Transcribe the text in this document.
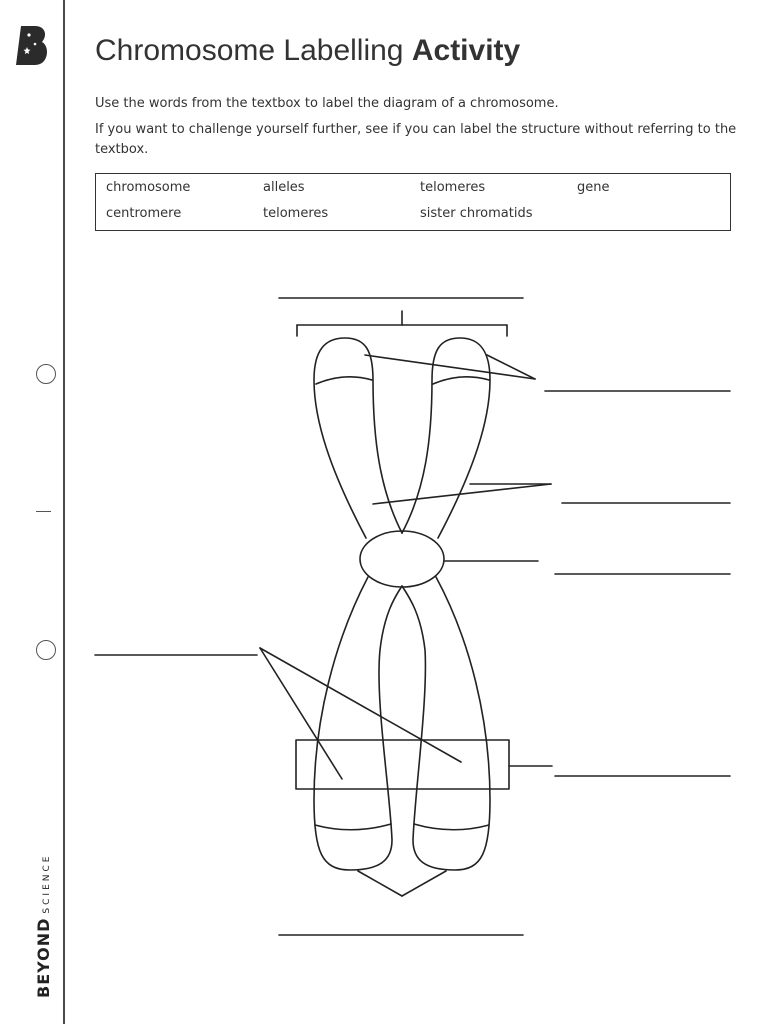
BEYONDSCIENCE
Chromosome Labelling Activity

Use the words from the textbox to label the diagram of a chromosome.

If you want to challenge yourself further, see if you can label the structure without referring to the textbox.

chromosome	alleles	telomeres	gene
centromere	telomeres	sister chromatids
